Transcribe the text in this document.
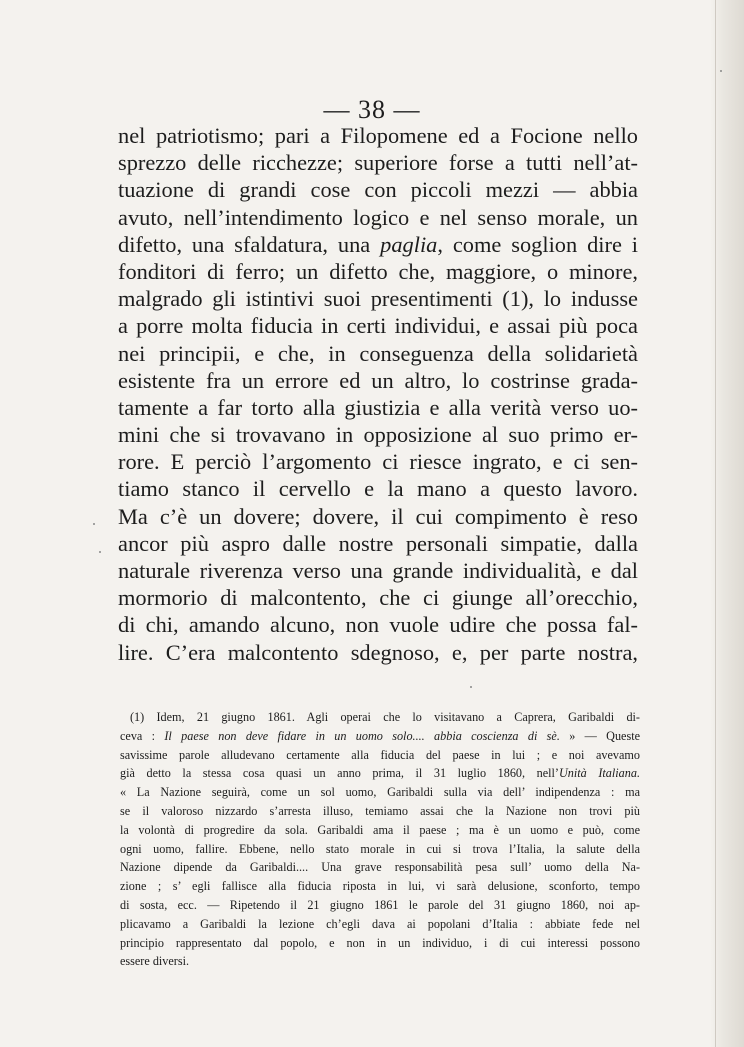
— 38 —
nel patriotismo; pari a Filopomene ed a Focione nello
sprezzo delle ricchezze; superiore forse a tutti nell’at-
tuazione di grandi cose con piccoli mezzi — abbia
avuto, nell’intendimento logico e nel senso morale, un
difetto, una sfaldatura, una paglia, come soglion dire i
fonditori di ferro; un difetto che, maggiore, o minore,
malgrado gli istintivi suoi presentimenti (1), lo indusse
a porre molta fiducia in certi individui, e assai più poca
nei principii, e che, in conseguenza della solidarietà
esistente fra un errore ed un altro, lo costrinse grada-
tamente a far torto alla giustizia e alla verità verso uo-
mini che si trovavano in opposizione al suo primo er-
rore. E perciò l’argomento ci riesce ingrato, e ci sen-
tiamo stanco il cervello e la mano a questo lavoro.
Ma c’è un dovere; dovere, il cui compimento è reso
ancor più aspro dalle nostre personali simpatie, dalla
naturale riverenza verso una grande individualità, e dal
mormorio di malcontento, che ci giunge all’orecchio,
di chi, amando alcuno, non vuole udire che possa fal-
lire. C’era malcontento sdegnoso, e, per parte nostra,
(1) Idem, 21 giugno 1861. Agli operai che lo visitavano a Caprera, Garibaldi di-
ceva : Il paese non deve fidare in un uomo solo.... abbia coscienza di sè. » — Queste
savissime parole alludevano certamente alla fiducia del paese in lui ; e noi avevamo
già detto la stessa cosa quasi un anno prima, il 31 luglio 1860, nell’Unità Italiana.
« La Nazione seguirà, come un sol uomo, Garibaldi sulla via dell’ indipendenza : ma
se il valoroso nizzardo s’arresta illuso, temiamo assai che la Nazione non trovi più
la volontà di progredire da sola. Garibaldi ama il paese ; ma è un uomo e può, come
ogni uomo, fallire. Ebbene, nello stato morale in cui si trova l’Italia, la salute della
Nazione dipende da Garibaldi.... Una grave responsabilità pesa sull’ uomo della Na-
zione ; s’ egli fallisce alla fiducia riposta in lui, vi sarà delusione, sconforto, tempo
di sosta, ecc. — Ripetendo il 21 giugno 1861 le parole del 31 giugno 1860, noi ap-
plicavamo a Garibaldi la lezione ch’egli dava ai popolani d’Italia : abbiate fede nel
principio rappresentato dal popolo, e non in un individuo, i di cui interessi possono
essere diversi.
